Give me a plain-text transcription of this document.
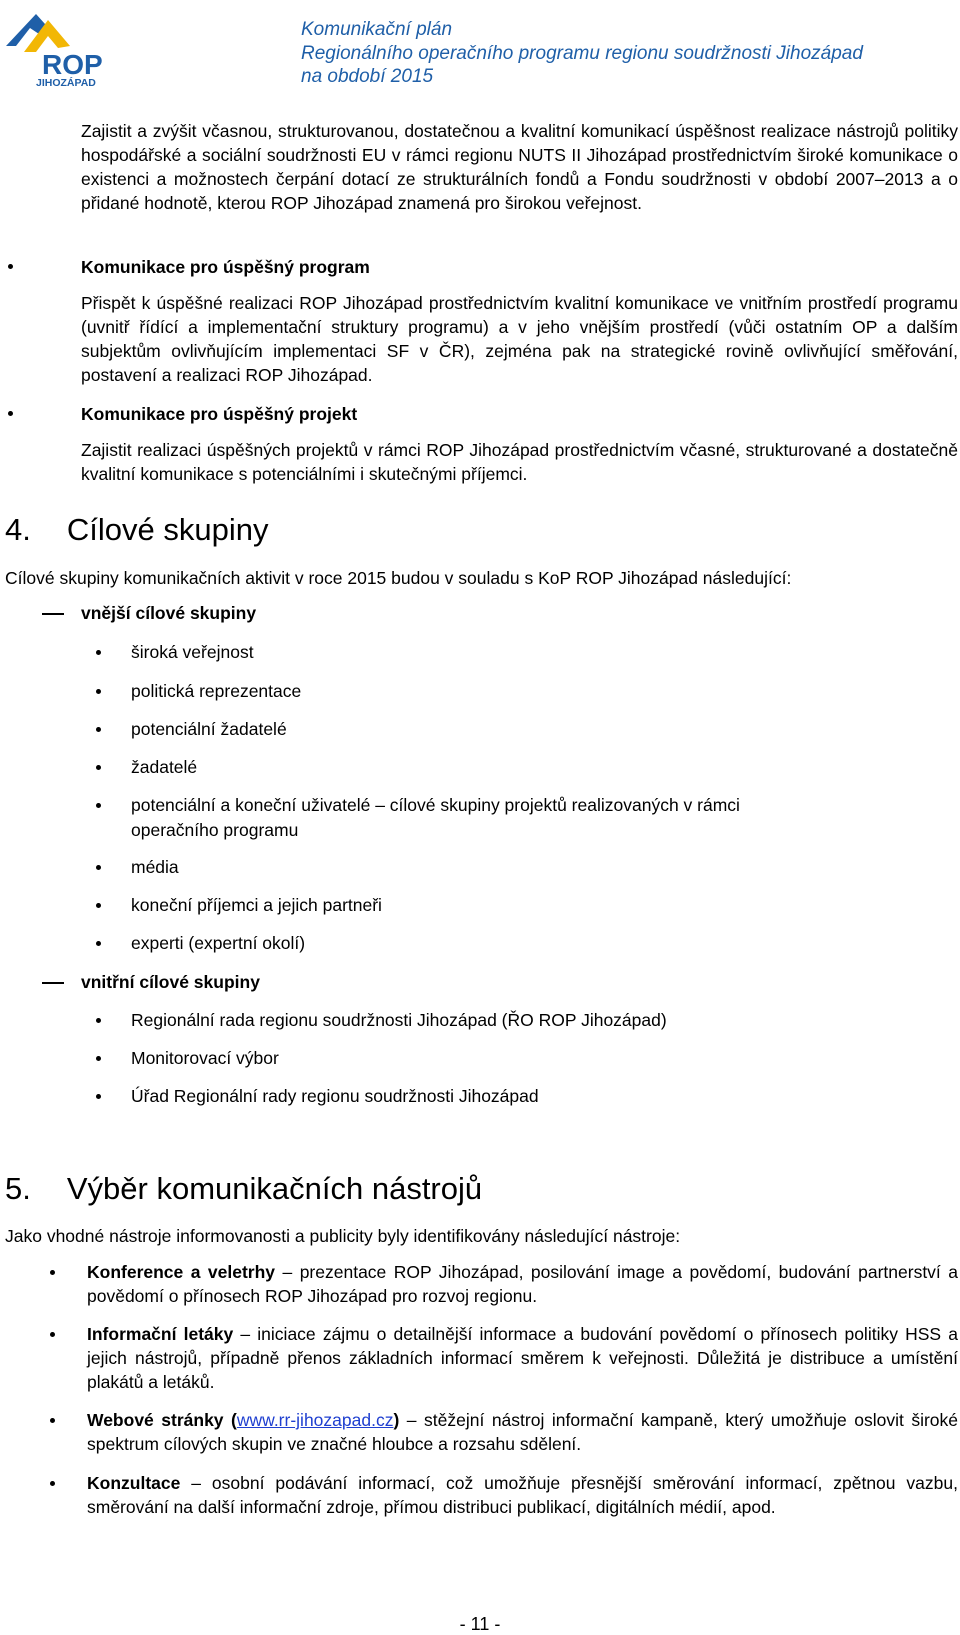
ROP
JIHOZÁPAD
Komunikační plán
Regionálního operačního programu regionu soudržnosti Jihozápad
na období 2015

Zajistit a zvýšit včasnou, strukturovanou, dostatečnou a kvalitní komunikací úspěšnost realizace nástrojů politiky hospodářské a sociální soudržnosti EU v rámci regionu NUTS II Jihozápad prostřednictvím široké komunikace o existenci a možnostech čerpání dotací ze strukturálních fondů a Fondu soudržnosti v období 2007–2013 a o přidané hodnotě, kterou ROP Jihozápad znamená pro širokou veřejnost.

Komunikace pro úspěšný program

Přispět k úspěšné realizaci ROP Jihozápad prostřednictvím kvalitní komunikace ve vnitřním prostředí programu (uvnitř řídící a implementační struktury programu) a v jeho vnějším prostředí (vůči ostatním OP a dalším subjektům ovlivňujícím implementaci SF v ČR), zejména pak na strategické rovině ovlivňující směřování, postavení a realizaci ROP Jihozápad.

Komunikace pro úspěšný projekt

Zajistit realizaci úspěšných projektů v rámci ROP Jihozápad prostřednictvím včasné, strukturované a dostatečně kvalitní komunikace s potenciálními i skutečnými příjemci.

4. Cílové skupiny
Cílové skupiny komunikačních aktivit v roce 2015 budou v souladu s KoP ROP Jihozápad následující:
vnější cílové skupiny
široká veřejnost
politická reprezentace
potenciální žadatelé
žadatelé
potenciální a koneční uživatelé – cílové skupiny projektů realizovaných v rámci
operačního programu
média
koneční příjemci a jejich partneři
experti (expertní okolí)
vnitřní cílové skupiny
Regionální rada regionu soudržnosti Jihozápad (ŘO ROP Jihozápad)
Monitorovací výbor
Úřad Regionální rady regionu soudržnosti Jihozápad
5. Výběr komunikačních nástrojů
Jako vhodné nástroje informovanosti a publicity byly identifikovány následující nástroje:

Konference a veletrhy – prezentace ROP Jihozápad, posilování image a povědomí, budování partnerství a povědomí o přínosech ROP Jihozápad pro rozvoj regionu.

Informační letáky – iniciace zájmu o detailnější informace a budování povědomí o přínosech politiky HSS a jejich nástrojů, případně přenos základních informací směrem k veřejnosti. Důležitá je distribuce a umístění plakátů a letáků.

Webové stránky (www.rr-jihozapad.cz) – stěžejní nástroj informační kampaně, který umožňuje oslovit široké spektrum cílových skupin ve značné hloubce a rozsahu sdělení.

Konzultace – osobní podávání informací, což umožňuje přesnější směrování informací, zpětnou vazbu, směrování na další informační zdroje, přímou distribuci publikací, digitálních médií, apod.

- 11 -
